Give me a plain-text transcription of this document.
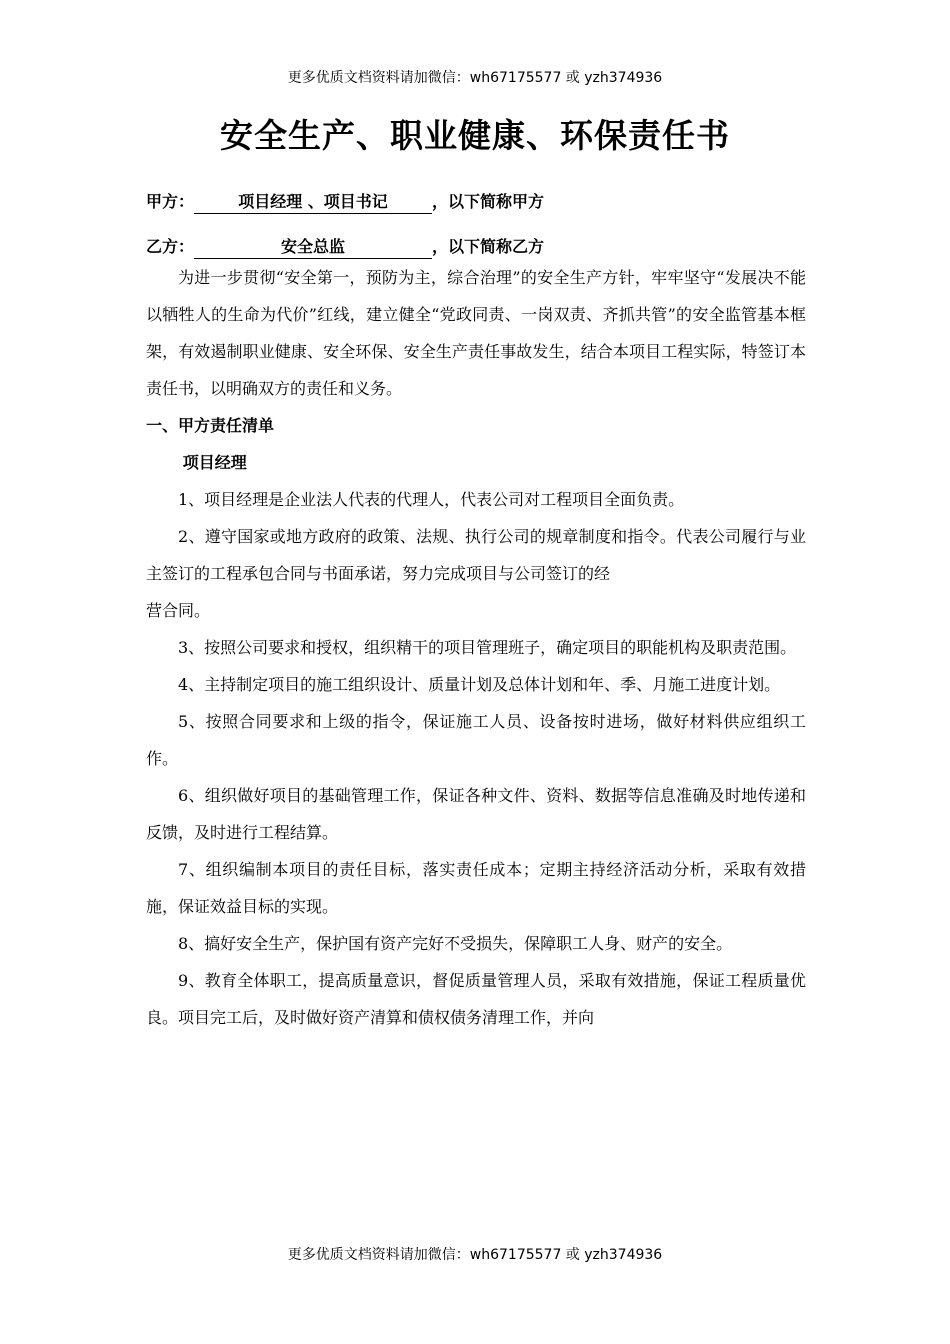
更多优质文档资料请加微信：wh67175577 或 yzh374936
安全生产、职业健康、环保责任书
甲方：	项目经理 、项目书记	，以下简称甲方
乙方：	安全总监	，以下简称乙方

为进一步贯彻“安全第一，预防为主，综合治理”的安全生产方针，牢牢坚守“发展决不能以牺牲人的生命为代价”红线，建立健全“党政同责、一岗双责、齐抓共管”的安全监管基本框架，有效遏制职业健康、安全环保、安全生产责任事故发生，结合本项目工程实际，特签订本责任书，以明确双方的责任和义务。

一、甲方责任清单

项目经理

1、项目经理是企业法人代表的代理人，代表公司对工程项目全面负责。

2、遵守国家或地方政府的政策、法规、执行公司的规章制度和指令。代表公司履行与业主签订的工程承包合同与书面承诺，努力完成项目与公司签订的经

营合同。

3、按照公司要求和授权，组织精干的项目管理班子，确定项目的职能机构及职责范围。

4、主持制定项目的施工组织设计、质量计划及总体计划和年、季、月施工进度计划。

5、按照合同要求和上级的指令，保证施工人员、设备按时进场，做好材料供应组织工作。

6、组织做好项目的基础管理工作，保证各种文件、资料、数据等信息准确及时地传递和反馈，及时进行工程结算。

7、组织编制本项目的责任目标，落实责任成本；定期主持经济活动分析，采取有效措施，保证效益目标的实现。

8、搞好安全生产，保护国有资产完好不受损失，保障职工人身、财产的安全。

9、教育全体职工，提高质量意识，督促质量管理人员，采取有效措施，保证工程质量优良。项目完工后，及时做好资产清算和债权债务清理工作，并向

更多优质文档资料请加微信：wh67175577 或 yzh374936
